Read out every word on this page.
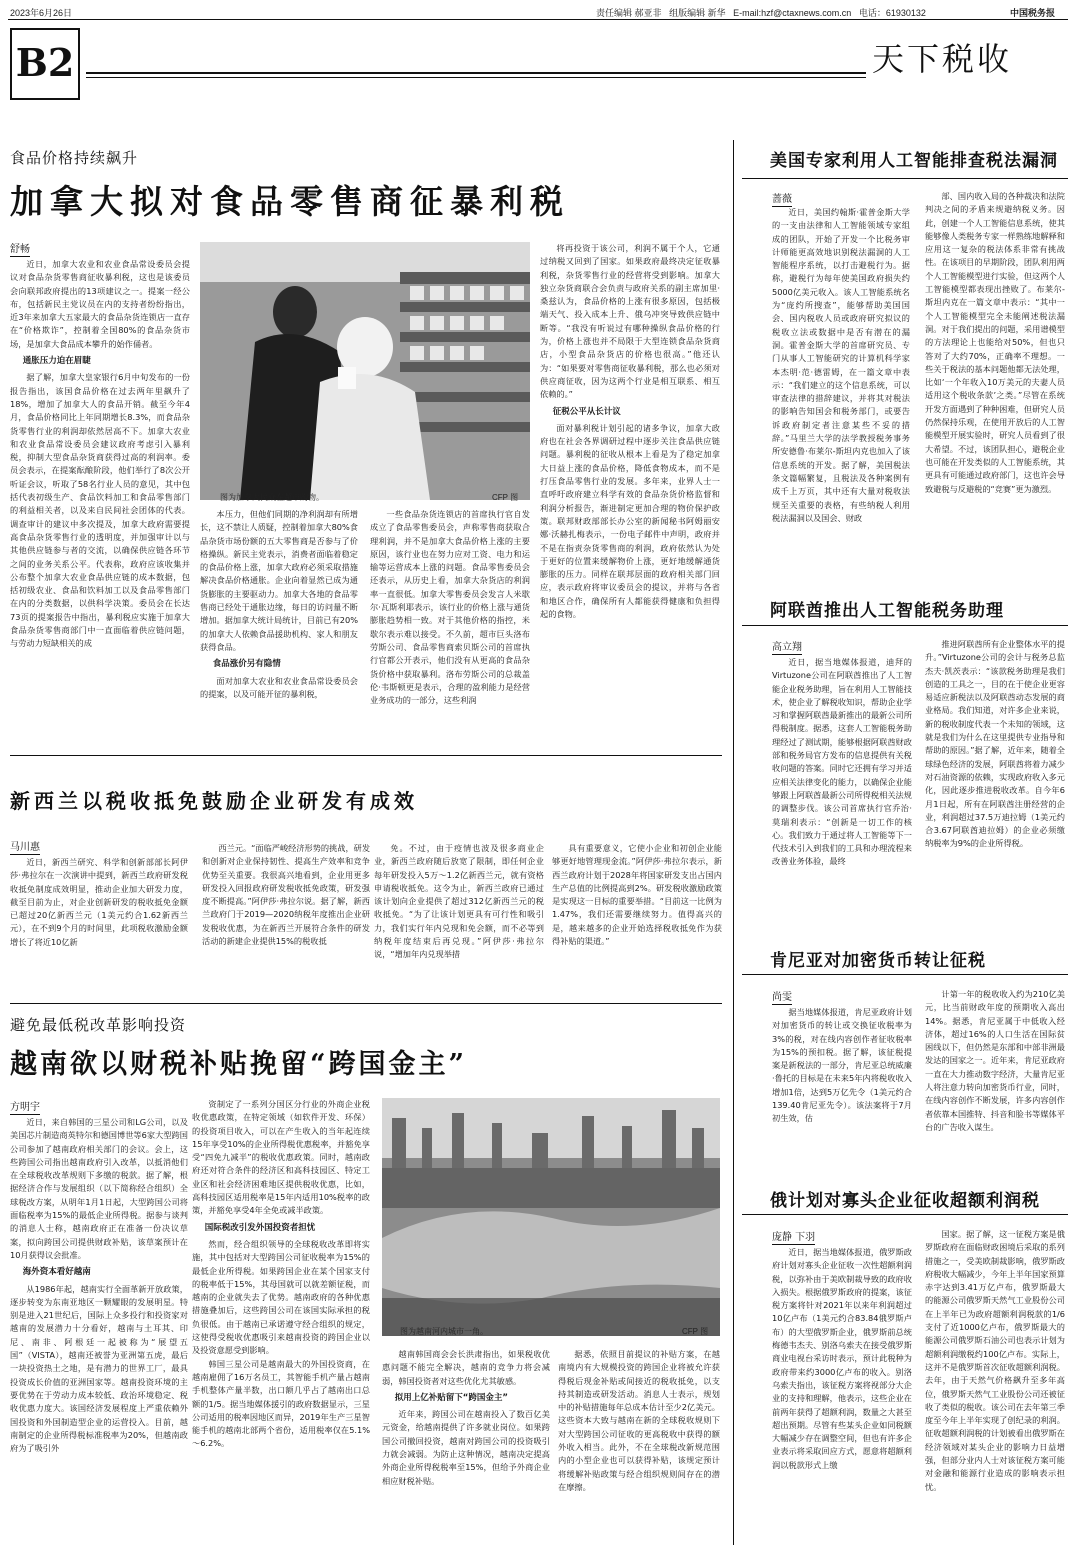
2023年6月26日	责任编辑 郝亚非 组版编辑 新华 E-mail:hzf@ctaxnews.com.cn 电话：61930132	中国税务报
B2	天下税收
食品价格持续飙升
加拿大拟对食品零售商征暴利税
舒畅

近日，加拿大农业和农业食品常设委员会提议对食品杂货零售商征收暴利税，这也是该委员会向联邦政府提出的13项建议之一。提案一经公布，包括新民主党议员在内的支持者纷纷指出，近3年来加拿大五家最大的食品杂货连锁店一直存在“价格欺诈”，控制着全国80%的食品杂货市场，是加拿大食品成本攀升的始作俑者。

通胀压力迫在眉睫

据了解，加拿大皇家银行6月中旬发布的一份报告指出，该国食品价格在过去两年里飙升了18%，增加了加拿大人的食品开销。截至今年4月，食品价格同比上年同期增长8.3%，而食品杂货零售行业的利润却依然居高不下。加拿大农业和农业食品常设委员会建议政府考虑引入暴利税，抑制大型食品杂货商获得过高的利润率。委员会表示，在提案酝酿阶段，他们举行了8次公开听证会议，听取了58名行业人员的意见，其中包括代表初级生产、食品饮料加工和食品零售部门的利益相关者，以及来自民间社会团体的代表。调查审计的建议中多次提及，加拿大政府需要提高食品杂货零售行业的透明度，并加强审计以与其他供应链参与者的交流，以确保供应链各环节之间的业务关系公平。代表称，政府应该收集并公布整个加拿大农业食品供应链的成本数据，包括初级农业、食品和饮料加工以及食品零售部门在内的分类数据，以供科学决策。委员会在长达73页的提案报告中指出，暴利税应实施于加拿大食品杂货零售商部门中一直面临着供应链问题，与劳动力短缺相关的成

图为加拿大民众在超市购物。	CFP 图

本压力，但他们同期的净利润却有所增长，这不禁让人质疑，控制着加拿大80%食品杂货市场份额的五大零售商是否参与了价格操纵。新民主党表示，消费者面临着稳定的食品价格上涨，加拿大政府必须采取措施解决食品价格通胀。企业向着显然已成为通货膨胀的主要驱动力。加拿大各地的食品零售商已经处于通胀边缘，每日的访问量不断增加。据加拿大统计局统计，目前已有20%的加拿大人依赖食品援助机构、家人和朋友获得食品。

食品涨价另有隐情

面对加拿大农业和农业食品常设委员会的提案，以及可能开征的暴利税，

一些食品杂货连锁店的首席执行官自发成立了食品零售委员会，声称零售商获取合理利润，并不是加拿大食品价格上涨的主要原因，该行业也在努力应对工资、电力和运输等运营成本上涨的问题。食品零售委员会还表示，从历史上看，加拿大杂货店的利润率一直很低。加拿大零售委员会发言人米歇尔·瓦斯利耶表示，该行业的价格上涨与通货膨胀趋势相一致。对于其他价格的指控，米歇尔表示难以接受。不久前，超市巨头洛布劳斯公司、食品零售商索贝斯公司的首席执行官都公开表示，他们没有从更高的食品杂货价格中获取暴利。洛布劳斯公司的总裁盖伦·韦斯顿更是表示，合理的盈利能力是经营业务成功的一部分，这些利润

将再投资于该公司，利润不属于个人，它通过纳税又回到了国家。如果政府最终决定征收暴利税，杂货零售行业的经营将受到影响。加拿大独立杂货商联合会负责与政府关系的副主席加里·桑兹认为，食品价格的上涨有很多原因，包括极端天气、投入成本上升、俄乌冲突导致供应链中断等。“我没有听说过有哪种操纵食品价格的行为，价格上涨也并不局限于大型连锁食品杂货商店，小型食品杂货店的价格也很高。”他还认为：“如果要对零售商征收暴利税，那么也必须对供应商征收，因为这两个行业是相互联系、相互依赖的。”

征税公平从长计议

面对暴利税计划引起的诸多争议，加拿大政府也在社会各界调研过程中逐步关注食品供应链问题。暴利税的征收从根本上看是为了稳定加拿大日益上涨的食品价格，降低食物成本，而不是打压食品零售行业的发展。多年来，业界人士一直呼吁政府建立科学有效的食品杂货价格监督和利润分析报告，渐进制定更加合理的物价保护政策。联邦财政部部长办公室的新闻秘书阿姆丽安娜·沃赫扎梅表示，一份电子邮件中声明，政府并不是在指责杂货零售商的利润，政府依然认为处于更好的位置来缓解物价上涨，更好地缓解通货膨胀的压力。同样在联邦层面的政府相关部门回应，表示政府将审议委员会的提议，并将与各省和地区合作，确保所有人都能获得健康和负担得起的食物。

新西兰以税收抵免鼓励企业研发有成效
马川惠

近日，新西兰研究、科学和创新部部长阿伊莎·弗拉尔在一次演讲中提到，新西兰政府研发税收抵免制度成效明显，推动企业加大研发力度，截至目前为止，对企业创新研发的税收抵免金额已超过20亿新西兰元（1美元约合1.62新西兰元），在不到9个月的时间里，此项税收激励金额增长了将近10亿新

西兰元。“面临严峻经济形势的挑战，研发和创新对企业保持韧性、提高生产效率和竞争优势至关重要。我很高兴地看到，企业用更多研发投入回报政府研发税收抵免政策，研发强度不断提高。”阿伊莎·弗拉尔说。据了解，新西兰政府门于2019—2020纳税年度推出企业研发税收优惠，为在新西兰开展符合条件的研发活动的新建企业提供15%的税收抵

免。不过，由于疫情也波及很多商业企业，新西兰政府随后放宽了限制，即任何企业每年研发投入5万～1.2亿新西兰元，就有资格申请税收抵免。这令为止，新西兰政府已通过该计划向企业提供了超过312亿新西兰元的税收抵免。“为了让该计划更具有可行性和吸引力，我们实行年内兑现和免会额，而不必等到纳税年度结束后再兑现。”阿伊莎·弗拉尔说，“增加年内兑现举措

具有重要意义，它使小企业和初创企业能够更好地管理现金流。”阿伊莎·弗拉尔表示，新西兰政府计划于2028年将国家研发支出占国内生产总值的比例提高到2%。研发税收激励政策是实现这一目标的重要举措。“目前这一比例为1.47%，我们还需要继续努力。值得高兴的是，越来越多的企业开始选择税收抵免作为获得补贴的渠道。”

避免最低税改革影响投资
越南欲以财税补贴挽留“跨国金主”
方明宇

近日，来自韩国的三星公司和LG公司，以及美国芯片制造商英特尔和德国博世等6家大型跨国公司参加了越南政府相关部门的会议。会上，这些跨国公司指出越南政府引入改革，以抵消他们在全球税收改革规则下多缴的税款。据了解，根据经济合作与发展组织（以下简称经合组织）全球税改方案，从明年1月1日起，大型跨国公司将面临税率为15%的最低企业所得税。据参与谈判的消息人士称，越南政府正在准备一份决议草案，拟向跨国公司提供财政补贴，该草案预计在10月获得议会批准。

海外资本看好越南

从1986年起，越南实行全面革新开放政策，逐步转变为东南亚地区一颗耀眼的发展明星。特别是进入21世纪后，国际上众多投行和投资家对越南的发展潜力十分看好，越南与土耳其、印尼、南非、阿根廷一起被称为“展望五国”（VISTA），越南还被誉为亚洲第五虎，最后一块投资热土之地，是有潜力的世界工厂，最具投资成长价值的亚洲国家等。越南投资环境的主要优势在于劳动力成本较低、政治环境稳定、税收优惠力度大。该国经济发展程度上严重依赖外国投资和外国制造型企业的运营投入。目前，越南制定的企业所得税标准税率为20%，但越南政府为了吸引外

资制定了一系列分国区分行业的外商企业税收优惠政策，在特定领域（如软件开发、环保）的投资项目收入，可以在产生收入的当年起连续15年享受10%的企业所得税优惠税率，并豁免享受“四免九减半”的税收优惠政策。同时，越南政府还对符合条件的经济区和高科技园区、特定工业区和社会经济困难地区提供税收优惠，比如，高科技园区适用税率是15年内适用10%税率的政策，并豁免享受4年全免或减半政策。

国际税改引发外国投资者担忧

然而，经合组织领导的全球税收改革即将实施，其中包括对大型跨国公司征收税率为15%的最低企业所得税。如果跨国企业在某个国家支付的税率低于15%，其母国就可以就差额征税，而越南的企业就失去了优势。越南政府的各种优惠措施叠加后，这些跨国公司在该国实际承担的税负很低。由于越南已承诺遵守经合组织的规定，这使得受税收优惠吸引来越南投资的跨国企业以及投资意愿受到影响。

韩国三星公司是越南最大的外国投资商，在越南雇佣了16万名员工，其智能手机产量占越南手机整体产量半数，出口额几乎占了越南出口总额的1/5。据当地媒体援引的政府数据显示，三星公司适用的税率因地区而异，2019年生产三星智能手机的越南北部两个省份，适用税率仅在5.1%～6.2%。

图为越南河内城市一角。	CFP 图

越南韩国商会会长洪肃指出，如果税收优惠问题不能完全解决，越南的竞争力将会减弱，韩国投资者对这些优化尤其敏感。

拟用上亿补贴留下“跨国金主”

近年来，跨国公司在越南投入了数百亿美元资金，给越南提供了许多就业岗位。如果跨国公司撤回投资，越南对跨国公司的投资吸引力就会减弱。为防止这种情况，越南决定提高外商企业所得税税率至15%，但给予外商企业相应财税补贴。

据悉，依照目前提议的补贴方案，在越南境内有大规模投资的跨国企业将被允许获得税后现金补贴或间接近的税收抵免，以支持其制造或研发活动。消息人士表示，规划中的补贴措施每年总成本估计至少2亿美元。这些资本大致与越南在新的全球税收规则下对大型跨国公司征收的更高税收中获得的额外收入相当。此外，不在全球税改新规范围内的小型企业也可以获得补贴，该规定预计将缓解补贴政策与经合组织规则间存在的潜在摩擦。

美国专家利用人工智能排查税法漏洞
蔷薇

近日，美国约翰斯·霍普金斯大学的一支由法律和人工智能领域专家组成的团队，开始了开发一个比税务审计师能更高效地识别税法漏洞的人工智能程序系统，以打击避税行为。据称，避税行为每年使美国政府损失约5000亿美元收入。该人工智能系统名为“庞约所搜查”，能够帮助美国国会、国内税收人员或政府研究拟议的税收立法或数据中是否有潜在的漏洞。霍普金斯大学的首席研究员、专门从事人工智能研究的计算机科学家本杰明·范·德雷姆，在一篇文章中表示：“我们建立的这个信息系统，可以审查法律的措辞建议，并将其对税法的影响告知国会和税务部门，或要告诉政府制定者注意某些不妥的措辞。”马里兰大学的法学教授税务事务所安德鲁·布莱尔-斯坦内克也加入了该信息系统的开发。据了解，美国税法条文篇幅繁复，且税法及各种案例有成千上万页，其中还有大量对税收法规至关重要的表格，有些纳税人利用税法漏洞以及国会、财政

部、国内收入局的各种裁决和法院判决之间的矛盾来规避纳税义务。因此，创建一个人工智能信息系统，使其能够像人类税务专家一样熟练地解释和应用这一复杂的税法体系非常有挑战性。在该项目的早期阶段，团队利用两个人工智能模型进行实验，但这两个人工智能模型都表现出挫败了。布莱尔-斯坦内克在一篇文章中表示：“其中一个人工智能模型完全未能阐述税法漏洞。对于我们提出的问题，采用谱模型的方法理论上也能给对50%，但也只答对了大约70%，正确率不理想。一些关于税法的基本问题他都无法处理，比如‘一个年收入10万美元的夫妻人员适用这个税收条款’之类。”尽管在系统开发方面遇到了种种困难，但研究人员仍然保持乐观，在使用开放后的人工智能模型开展实验时，研究人员看到了很大希望。不过，该团队担心，避税企业也可能在开发类似的人工智能系统，其更具有可能通过政府部门，这也许会导致避税与反避税的“竞赛”更为激烈。

阿联酋推出人工智能税务助理
高立翔

近日，据当地媒体报道，迪拜的Virtuzone公司在阿联酋推出了人工智能企业税务助理，旨在利用人工智能技术，使企业了解税收知识，帮助企业学习和掌握阿联酋最新推出的最新公司所得税制度。据悉，这套人工智能税务助理经过了测试期，能够根据阿联酋财政部和税务局官方发布的信息提供有关税收问题的答案。同时它还拥有学习并适应相关法律变化的能力，以确保企业能够跟上阿联酋最新公司所得税相关法规的调整步伐。该公司首席执行官乔治·莫瑞利表示：“创新是一切工作的核心。我们致力于通过将人工智能等下一代技术引入到我们的工具和办理流程来改善业务体验，最终

推进阿联酋所有企业整体水平的提升。”Virtuzone公司的会计与税务总监杰夫·凯茨表示：“该款税务助理是我们创造的工具之一，目的在于使企业更容易适应新税法以及阿联酋动态发展的商业格局。我们知道，对许多企业来说，新的税收制度代表一个未知的领域，这就是我们为什么在这里提供专业指导和帮助的原因。”据了解，近年来，随着全球绿色经济的发展，阿联酋将着力减少对石油资源的依赖，实现政府收入多元化，因此逐步推进税收改革。自今年6月1日起，所有在阿联酋注册经营的企业，利润超过37.5万迪拉姆（1美元约合3.67阿联酋迪拉姆）的企业必须缴纳税率为9%的企业所得税。

肯尼亚对加密货币转让征税
尚雯

据当地媒体报道，肯尼亚政府计划对加密货币的转让或交换征收税率为3%的税，对在线内容创作者征收税率为15%的预扣税。据了解，该征税提案是新税法的一部分，肯尼亚总统威廉·鲁托的目标是在未来5年内将税收收入增加1倍，达到5万亿先令（1美元约合139.40肯尼亚先令）。该法案将于7月初生效，估

计第一年的税收收入约为210亿美元，比当前财政年度的预期收入高出14%。据悉，肯尼亚属于中低收入经济体，超过16%的人口生活在国际贫困线以下，但仍然是东部和中部非洲最发达的国家之一。近年来，肯尼亚政府一直在大力推动数字经济，大量肯尼亚人将注意力转向加密货币行业，同时，在线内容创作不断发展，许多内容创作者依靠本国推特、抖音和脸书等媒体平台的广告收入谋生。

俄计划对寡头企业征收超额利润税
庞静 下羽

近日，据当地媒体报道，俄罗斯政府计划对寡头企业征收一次性超额利润税，以弥补由于美欧制裁导致的政府收入损失。根据俄罗斯政府的提案，该征税方案将针对2021年以来年利润超过10亿卢布（1美元约合83.84俄罗斯卢布）的大型俄罗斯企业，俄罗斯前总统梅德韦杰夫、别洛乌索夫在接受俄罗斯商业电视台采访时表示，预计此税种为政府带来约3000亿卢布的收入。别洛乌索夫指出，该征税方案将视部分大企业的支持和理解，他表示，这些企业在前两年获得了超额利润，数量之大甚至超出预期。尽管有些某头企业如同税额大幅减少存在调整空间，但也有许多企业表示将采取回应方式，愿意将超额利润以税款形式上缴

国家。据了解，这一征税方案是俄罗斯政府在面临财政困境后采取的系列措施之一，受美欧制裁影响，俄罗斯政府税收大幅减少，今年上半年国家预算赤字达到3.41万亿卢布，俄罗斯最大的能源公司俄罗斯天然气工业股份公司在上半年已为政府超额利润税款的1/6支付了近1000亿卢布，俄罗斯最大的能源公司俄罗斯石油公司也表示计划为超额利润缴税约100亿卢布。实际上，这并不是俄罗斯首次征收超额利润税。去年，由于天然气价格飙升至多年高位，俄罗斯天然气工业股份公司还被征收了类似的税收。该公司在去年第三季度至今年上半年实现了创纪录的利润。征收超额利润税的计划被看出俄罗斯在经济领域对某头企业的影响力日益增强，但部分业内人士对该征税方案可能对金融和能源行业造成的影响表示担忧。
